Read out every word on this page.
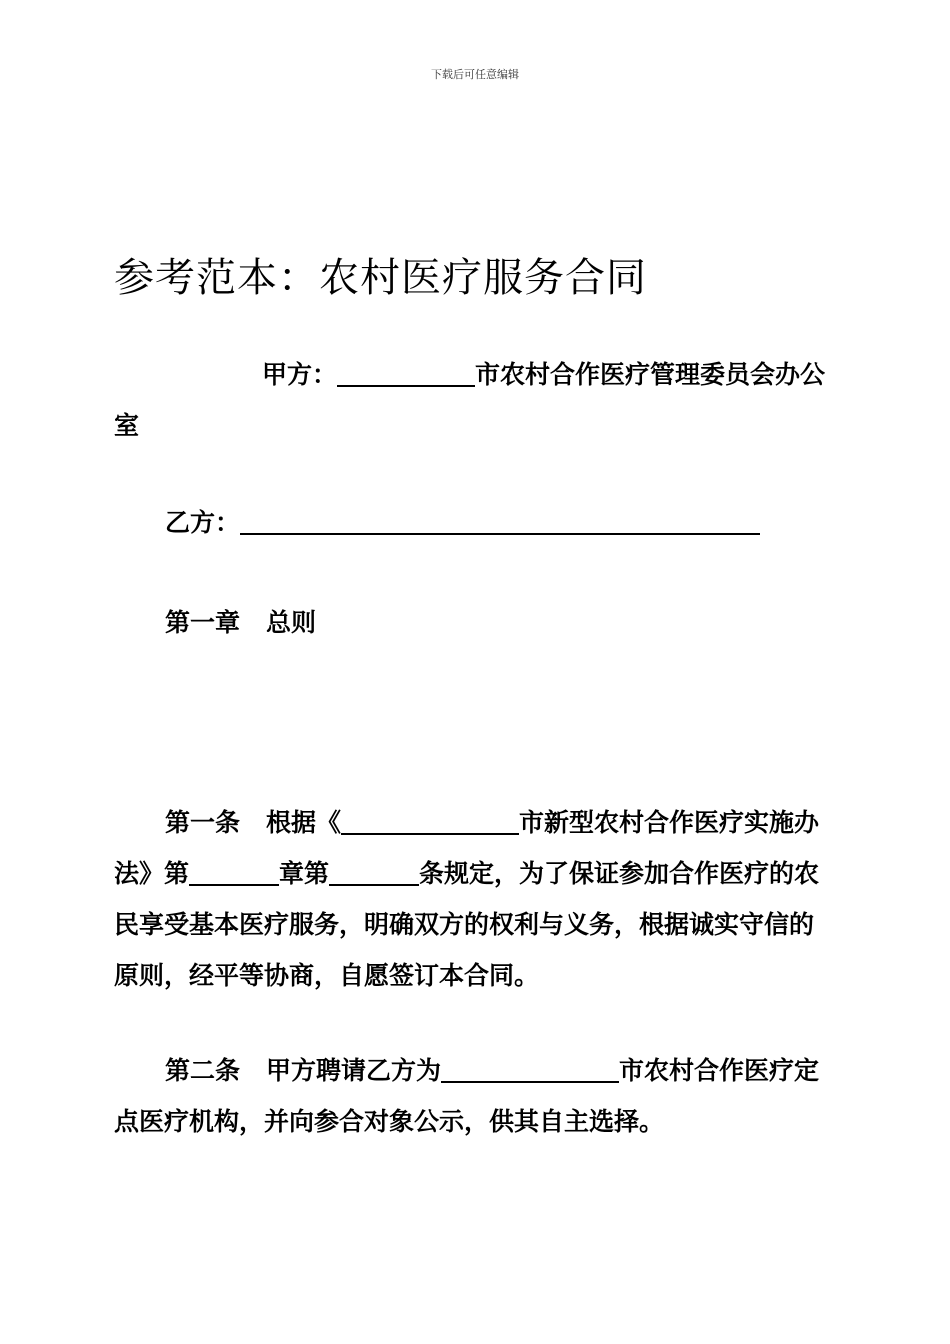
下载后可任意编辑
参考范本：农村医疗服务合同

甲方：	市农村合作医疗管理委员会办公室

乙方：

第一章 总则

第一条 根据《	市新型农村合作医疗实施办法》第	章第	条规定，为了保证参加合作医疗的农民享受基本医疗服务，明确双方的权利与义务，根据诚实守信的原则，经平等协商，自愿签订本合同。

第二条 甲方聘请乙方为	市农村合作医疗定点医疗机构，并向参合对象公示，供其自主选择。
